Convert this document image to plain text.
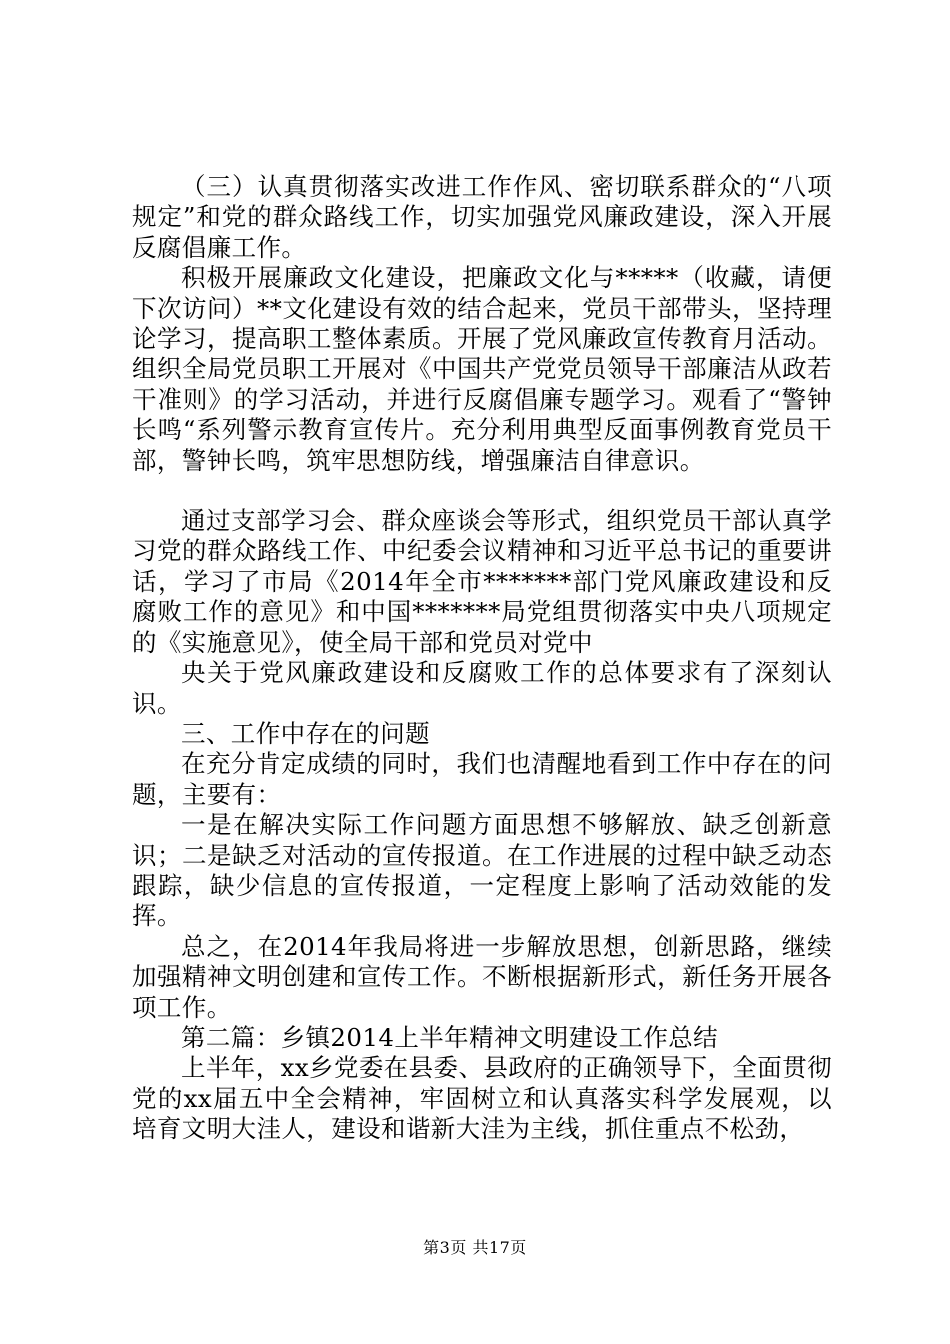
（三）认真贯彻落实改进工作作风、密切联系群众的“八项规定”和党的群众路线工作，切实加强党风廉政建设，深入开展反腐倡廉工作。

积极开展廉政文化建设，把廉政文化与*****（收藏，请便下次访问）**文化建设有效的结合起来，党员干部带头，坚持理论学习，提高职工整体素质。开展了党风廉政宣传教育月活动。组织全局党员职工开展对《中国共产党党员领导干部廉洁从政若干准则》的学习活动，并进行反腐倡廉专题学习。观看了“警钟长鸣“系列警示教育宣传片。充分利用典型反面事例教育党员干部，警钟长鸣，筑牢思想防线，增强廉洁自律意识。

通过支部学习会、群众座谈会等形式，组织党员干部认真学习党的群众路线工作、中纪委会议精神和习近平总书记的重要讲话，学习了市局《2014年全市*******部门党风廉政建设和反腐败工作的意见》和中国*******局党组贯彻落实中央八项规定的《实施意见》，使全局干部和党员对党中

央关于党风廉政建设和反腐败工作的总体要求有了深刻认识。

三、工作中存在的问题

在充分肯定成绩的同时，我们也清醒地看到工作中存在的问题，主要有：

一是在解决实际工作问题方面思想不够解放、缺乏创新意识；二是缺乏对活动的宣传报道。在工作进展的过程中缺乏动态跟踪，缺少信息的宣传报道，一定程度上影响了活动效能的发挥。

总之，在2014年我局将进一步解放思想，创新思路，继续加强精神文明创建和宣传工作。不断根据新形式，新任务开展各项工作。

第二篇：乡镇2014上半年精神文明建设工作总结

上半年，xx乡党委在县委、县政府的正确领导下，全面贯彻党的xx届五中全会精神，牢固树立和认真落实科学发展观，以培育文明大洼人，建设和谐新大洼为主线，抓住重点不松劲，

第3页 共17页
